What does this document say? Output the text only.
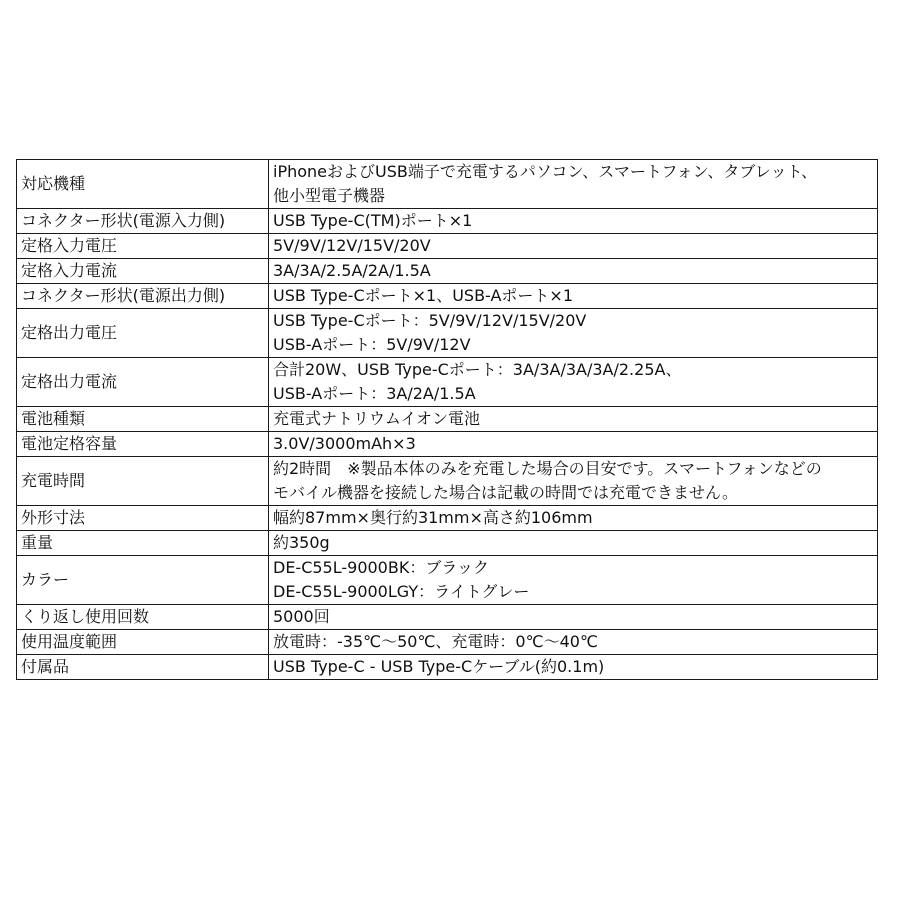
対応機種	iPhoneおよびUSB端子で充電するパソコン、スマートフォン、タブレット、
他小型電子機器

コネクター形状(電源入力側)	USB Type-C(TM)ポート×1

定格入力電圧	5V/9V/12V/15V/20V

定格入力電流	3A/3A/2.5A/2A/1.5A

コネクター形状(電源出力側)	USB Type-Cポート×1、USB-Aポート×1

定格出力電圧	USB Type-Cポート：5V/9V/12V/15V/20V
USB-Aポート：5V/9V/12V

定格出力電流	合計20W、USB Type-Cポート：3A/3A/3A/3A/2.25A、
USB-Aポート：3A/2A/1.5A

電池種類	充電式ナトリウムイオン電池

電池定格容量	3.0V/3000mAh×3

充電時間	約2時間　※製品本体のみを充電した場合の目安です。スマートフォンなどの
モバイル機器を接続した場合は記載の時間では充電できません。

外形寸法	幅約87mm×奥行約31mm×高さ約106mm

重量	約350g

カラー	DE-C55L-9000BK：ブラック
DE-C55L-9000LGY：ライトグレー

くり返し使用回数	5000回

使用温度範囲	放電時：-35℃〜50℃、充電時：0℃〜40℃

付属品	USB Type-C - USB Type-Cケーブル(約0.1m)
